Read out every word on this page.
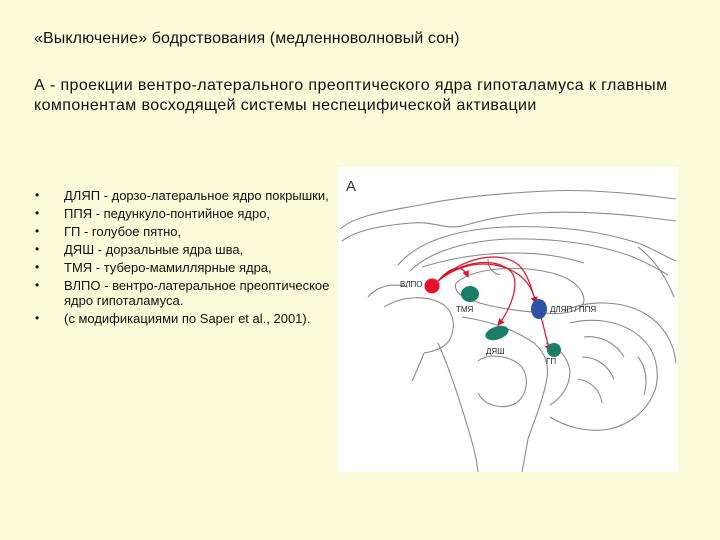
«Выключение» бодрствования (медленноволновый сон)
А - проекции вентро-латерального преоптического ядра гипоталамуса к главным компонентам восходящей системы неспецифической активации
• ДЛЯП - дорзо-латеральное ядро покрышки,
• ППЯ - педункуло-понтийное ядро,
• ГП - голубое пятно,
• ДЯШ - дорзальные ядра шва,
• ТМЯ - туберо-мамиллярные ядра,
• ВЛПО - вентро-латеральное преоптическое ядро гипоталамуса.
• (с модификациями по Saper et al., 2001).
А
ВЛПО
ТМЯ	ДЛЯП / ППЯ
ДЯШ
ГП
